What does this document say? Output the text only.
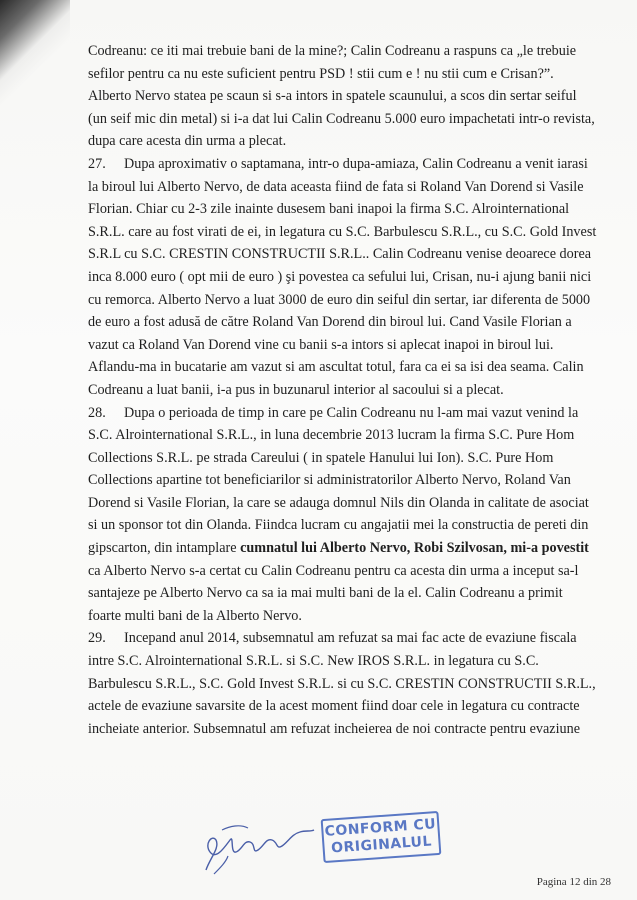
Codreanu: ce iti mai trebuie bani de la mine?; Calin Codreanu a raspuns ca „le trebuie
sefilor pentru ca nu este suficient pentru PSD ! stii cum e ! nu stii cum e Crisan?”.
Alberto Nervo statea pe scaun si s-a intors in spatele scaunului, a scos din sertar seiful
(un seif mic din metal) si i-a dat lui Calin Codreanu 5.000 euro impachetati intr-o revista,
dupa care acesta din urma a plecat.
27. Dupa aproximativ o saptamana, intr-o dupa-amiaza, Calin Codreanu a venit iarasi
la biroul lui Alberto Nervo, de data aceasta fiind de fata si Roland Van Dorend si Vasile
Florian. Chiar cu 2-3 zile inainte dusesem bani inapoi la firma S.C. Alrointernational
S.R.L. care au fost virati de ei, in legatura cu S.C. Barbulescu S.R.L., cu S.C. Gold Invest
S.R.L cu S.C. CRESTIN CONSTRUCTII S.R.L.. Calin Codreanu venise deoarece dorea
inca 8.000 euro ( opt mii de euro ) şi povestea ca sefului lui, Crisan, nu-i ajung banii nici
cu remorca. Alberto Nervo a luat 3000 de euro din seiful din sertar, iar diferenta de 5000
de euro a fost adusă de către Roland Van Dorend din biroul lui. Cand Vasile Florian a
vazut ca Roland Van Dorend vine cu banii s-a intors si aplecat inapoi in biroul lui.
Aflandu-ma in bucatarie am vazut si am ascultat totul, fara ca ei sa isi dea seama. Calin
Codreanu a luat banii, i-a pus in buzunarul interior al sacoului si a plecat.
28. Dupa o perioada de timp in care pe Calin Codreanu nu l-am mai vazut venind la
S.C. Alrointernational S.R.L., in luna decembrie 2013 lucram la firma S.C. Pure Hom
Collections S.R.L. pe strada Careului ( in spatele Hanului lui Ion). S.C. Pure Hom
Collections apartine tot beneficiarilor si administratorilor Alberto Nervo, Roland Van
Dorend si Vasile Florian, la care se adauga domnul Nils din Olanda in calitate de asociat
si un sponsor tot din Olanda. Fiindca lucram cu angajatii mei la constructia de pereti din
gipscarton, din intamplare cumnatul lui Alberto Nervo, Robi Szilvosan, mi-a povestit
ca Alberto Nervo s-a certat cu Calin Codreanu pentru ca acesta din urma a inceput sa-l
santajeze pe Alberto Nervo ca sa ia mai multi bani de la el. Calin Codreanu a primit
foarte multi bani de la Alberto Nervo.
29. Incepand anul 2014, subsemnatul am refuzat sa mai fac acte de evaziune fiscala
intre S.C. Alrointernational S.R.L. si S.C. New IROS S.R.L. in legatura cu S.C.
Barbulescu S.R.L., S.C. Gold Invest S.R.L. si cu S.C. CRESTIN CONSTRUCTII S.R.L.,
actele de evaziune savarsite de la acest moment fiind doar cele in legatura cu contracte
incheiate anterior. Subsemnatul am refuzat incheierea de noi contracte pentru evaziune
CONFORM CU
ORIGINALUL
Pagina 12 din 28
